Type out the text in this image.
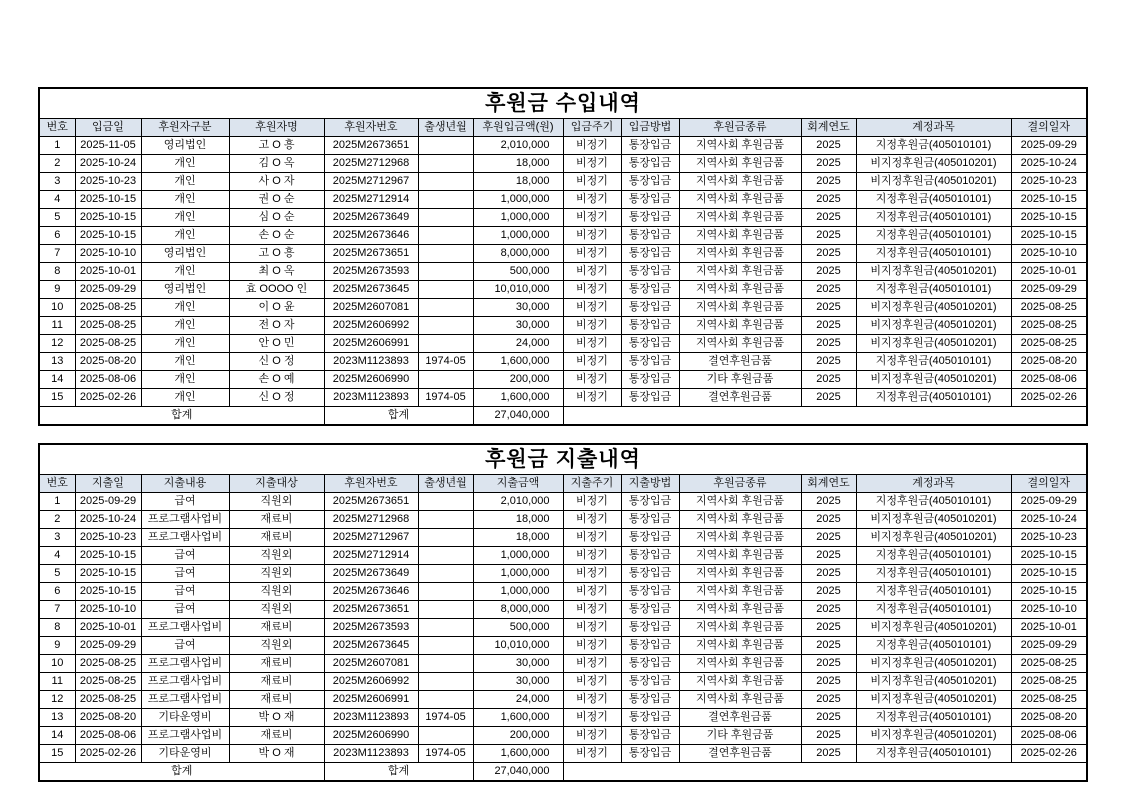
후원금 수입내역												
번호	입금일	후원자구분	후원자명	후원자번호	출생년월	후원입금액(원)	입금주기	입금방법	후원금종류	회계연도	계정과목	결의일자
1	2025-11-05	영리법인	고 O 흥	2025M2673651		2,010,000	비정기	통장입금	지역사회 후원금품	2025	지정후원금(405010101)	2025-09-29
2	2025-10-24	개인	김 O 옥	2025M2712968		18,000	비정기	통장입금	지역사회 후원금품	2025	비지정후원금(405010201)	2025-10-24
3	2025-10-23	개인	사 O 자	2025M2712967		18,000	비정기	통장입금	지역사회 후원금품	2025	비지정후원금(405010201)	2025-10-23
4	2025-10-15	개인	권 O 순	2025M2712914		1,000,000	비정기	통장입금	지역사회 후원금품	2025	지정후원금(405010101)	2025-10-15
5	2025-10-15	개인	심 O 순	2025M2673649		1,000,000	비정기	통장입금	지역사회 후원금품	2025	지정후원금(405010101)	2025-10-15
6	2025-10-15	개인	손 O 순	2025M2673646		1,000,000	비정기	통장입금	지역사회 후원금품	2025	지정후원금(405010101)	2025-10-15
7	2025-10-10	영리법인	고 O 흥	2025M2673651		8,000,000	비정기	통장입금	지역사회 후원금품	2025	지정후원금(405010101)	2025-10-10
8	2025-10-01	개인	최 O 옥	2025M2673593		500,000	비정기	통장입금	지역사회 후원금품	2025	비지정후원금(405010201)	2025-10-01
9	2025-09-29	영리법인	효 OOOO 인	2025M2673645		10,010,000	비정기	통장입금	지역사회 후원금품	2025	지정후원금(405010101)	2025-09-29
10	2025-08-25	개인	이 O 윤	2025M2607081		30,000	비정기	통장입금	지역사회 후원금품	2025	비지정후원금(405010201)	2025-08-25
11	2025-08-25	개인	전 O 자	2025M2606992		30,000	비정기	통장입금	지역사회 후원금품	2025	비지정후원금(405010201)	2025-08-25
12	2025-08-25	개인	안 O 민	2025M2606991		24,000	비정기	통장입금	지역사회 후원금품	2025	비지정후원금(405010201)	2025-08-25
13	2025-08-20	개인	신 O 정	2023M1123893	1974-05	1,600,000	비정기	통장입금	결연후원금품	2025	지정후원금(405010101)	2025-08-20
14	2025-08-06	개인	손 O 예	2025M2606990		200,000	비정기	통장입금	기타 후원금품	2025	비지정후원금(405010201)	2025-08-06
15	2025-02-26	개인	신 O 정	2023M1123893	1974-05	1,600,000	비정기	통장입금	결연후원금품	2025	지정후원금(405010101)	2025-02-26
합계				합계		27,040,000						
후원금 지출내역												
번호	지출일	지출내용	지출대상	후원자번호	출생년월	지출금액	지출주기	지출방법	후원금종류	회계연도	계정과목	결의일자
1	2025-09-29	급여	직원외	2025M2673651		2,010,000	비정기	통장입금	지역사회 후원금품	2025	지정후원금(405010101)	2025-09-29
2	2025-10-24	프로그램사업비	재료비	2025M2712968		18,000	비정기	통장입금	지역사회 후원금품	2025	비지정후원금(405010201)	2025-10-24
3	2025-10-23	프로그램사업비	재료비	2025M2712967		18,000	비정기	통장입금	지역사회 후원금품	2025	비지정후원금(405010201)	2025-10-23
4	2025-10-15	급여	직원외	2025M2712914		1,000,000	비정기	통장입금	지역사회 후원금품	2025	지정후원금(405010101)	2025-10-15
5	2025-10-15	급여	직원외	2025M2673649		1,000,000	비정기	통장입금	지역사회 후원금품	2025	지정후원금(405010101)	2025-10-15
6	2025-10-15	급여	직원외	2025M2673646		1,000,000	비정기	통장입금	지역사회 후원금품	2025	지정후원금(405010101)	2025-10-15
7	2025-10-10	급여	직원외	2025M2673651		8,000,000	비정기	통장입금	지역사회 후원금품	2025	지정후원금(405010101)	2025-10-10
8	2025-10-01	프로그램사업비	재료비	2025M2673593		500,000	비정기	통장입금	지역사회 후원금품	2025	비지정후원금(405010201)	2025-10-01
9	2025-09-29	급여	직원외	2025M2673645		10,010,000	비정기	통장입금	지역사회 후원금품	2025	지정후원금(405010101)	2025-09-29
10	2025-08-25	프로그램사업비	재료비	2025M2607081		30,000	비정기	통장입금	지역사회 후원금품	2025	비지정후원금(405010201)	2025-08-25
11	2025-08-25	프로그램사업비	재료비	2025M2606992		30,000	비정기	통장입금	지역사회 후원금품	2025	비지정후원금(405010201)	2025-08-25
12	2025-08-25	프로그램사업비	재료비	2025M2606991		24,000	비정기	통장입금	지역사회 후원금품	2025	비지정후원금(405010201)	2025-08-25
13	2025-08-20	기타운영비	박 O 재	2023M1123893	1974-05	1,600,000	비정기	통장입금	결연후원금품	2025	지정후원금(405010101)	2025-08-20
14	2025-08-06	프로그램사업비	재료비	2025M2606990		200,000	비정기	통장입금	기타 후원금품	2025	비지정후원금(405010201)	2025-08-06
15	2025-02-26	기타운영비	박 O 재	2023M1123893	1974-05	1,600,000	비정기	통장입금	결연후원금품	2025	지정후원금(405010101)	2025-02-26
합계				합계		27,040,000						
